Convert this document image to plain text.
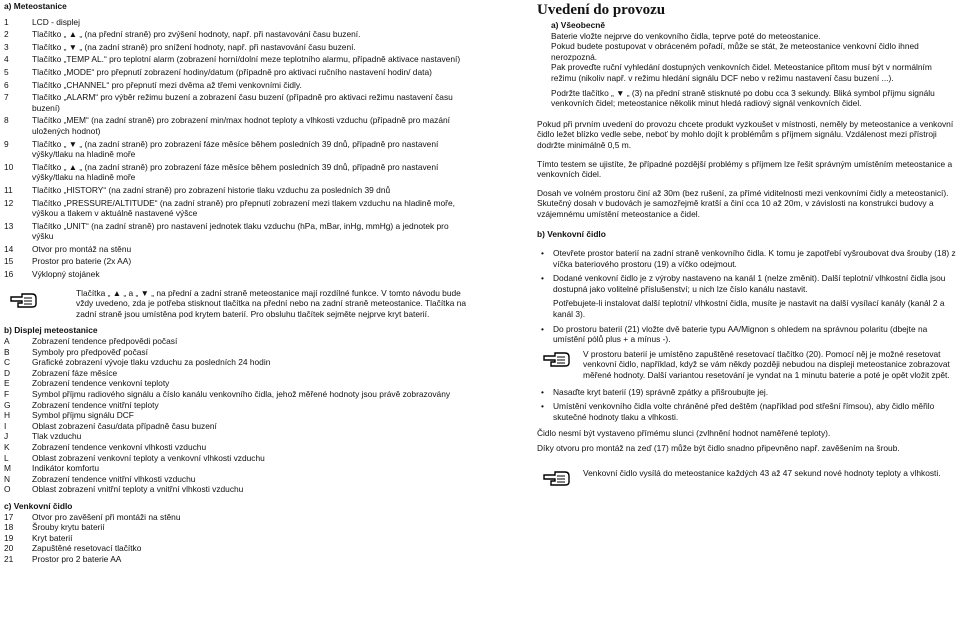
a) Meteostanice

1	LCD - displej
2	Tlačítko „ ▲ „ (na přední straně) pro zvýšení hodnoty, např. při nastavování času buzení.
3	Tlačítko „ ▼ „ (na zadní straně) pro snížení hodnoty, např. při nastavování času buzení.
4	Tlačítko „TEMP AL.“ pro teplotní alarm (zobrazení horní/dolní meze teplotního alarmu, případně aktivace nastavení)
5	Tlačítko „MODE“ pro přepnutí zobrazení hodiny/datum (případně pro aktivaci ručního nastavení hodin/ data)
6	Tlačítko „CHANNEL“ pro přepnutí mezi dvěma až třemi venkovními čidly.
7	Tlačítko „ALARM“ pro výběr režimu buzení a zobrazení času buzení (případně pro aktivaci režimu nastavení času buzení)
8	Tlačítko „MEM“ (na zadní straně) pro zobrazení min/max hodnot teploty a vlhkosti vzduchu (případně pro mazání uložených hodnot)
9	Tlačítko „ ▼ „ (na zadní straně) pro zobrazení fáze měsíce během posledních 39 dnů, případně pro nastavení výšky/tlaku na hladině moře
10	Tlačítko „ ▲ „ (na zadní straně) pro zobrazení fáze měsíce během posledních 39 dnů, případně pro nastavení výšky/tlaku na hladině moře
11	Tlačítko „HISTORY“ (na zadní straně) pro zobrazení historie tlaku vzduchu za posledních 39 dnů
12	Tlačítko „PRESSURE/ALTITUDE“ (na zadní straně) pro přepnutí zobrazení mezi tlakem vzduchu na hladině moře, výškou a tlakem v aktuálně nastavené výšce
13	Tlačítko „UNIT“ (na zadní straně) pro nastavení jednotek tlaku vzduchu (hPa, mBar, inHg, mmHg) a jednotek pro výšku
14	Otvor pro montáž na stěnu
15	Prostor pro baterie (2x AA)
16	Výklopný stojánek
Tlačítka „ ▲ „ a „ ▼ „ na přední a zadní straně meteostanice mají rozdílné funkce. V tomto návodu bude vždy uvedeno, zda je potřeba stisknout tlačítka na přední nebo na zadní straně meteostanice. Tlačítka na zadní straně jsou umístěna pod krytem baterií. Pro obsluhu tlačítek sejměte nejprve kryt baterií.

b) Displej meteostanice

A	Zobrazení tendence předpovědi počasí
B	Symboly pro předpověď počasí
C	Grafické zobrazení vývoje tlaku vzduchu za posledních 24 hodin
D	Zobrazení fáze měsíce
E	Zobrazení tendence venkovní teploty
F	Symbol příjmu radiového signálu a číslo kanálu venkovního čidla, jehož měřené hodnoty jsou právě zobrazovány
G	Zobrazení tendence vnitřní teploty
H	Symbol příjmu signálu DCF
I	Oblast zobrazení času/data případně času buzení
J	Tlak vzduchu
K	Zobrazení tendence venkovní vlhkosti vzduchu
L	Oblast zobrazení venkovní teploty a venkovní vlhkosti vzduchu
M	Indikátor komfortu
N	Zobrazení tendence vnitřní vlhkosti vzduchu
O	Oblast zobrazení vnitřní teploty a vnitřní vlhkosti vzduchu

c) Venkovní čidlo

17	Otvor pro zavěšení při montáži na stěnu
18	Šrouby krytu baterií
19	Kryt baterií
20	Zapuštěné resetovací tlačítko
21	Prostor pro 2 baterie AA
Uvedení do provozu

a) Všeobecně

Baterie vložte nejprve do venkovního čidla, teprve poté do meteostanice.

Pokud budete postupovat v obráceném pořadí, může se stát, že meteostanice venkovní čidlo ihned nerozpozná.

Pak proveďte ruční vyhledání dostupných venkovních čidel. Meteostanice přitom musí být v normálním režimu (nikoliv např. v režimu hledání signálu DCF nebo v režimu nastavení času buzení ...).

Podržte tlačítko „ ▼ „ (3) na přední straně stisknuté po dobu cca 3 sekundy. Bliká symbol příjmu signálu venkovních čidel; meteostanice několik minut hledá radiový signál venkovních čidel.

Pokud při prvním uvedení do provozu chcete produkt vyzkoušet v místnosti, neměly by meteostanice a venkovní čidlo ležet blízko vedle sebe, neboť by mohlo dojít k problémům s příjmem signálu. Vzdálenost mezi přístroji dodržte minimálně 0,5 m.

Tímto testem se ujistíte, že případné pozdější problémy s příjmem lze řešit správným umístěním meteostanice a venkovních čidel.

Dosah ve volném prostoru činí až 30m (bez rušení, za přímé viditelnosti mezi venkovními čidly a meteostanicí). Skutečný dosah v budovách je samozřejmě kratší a činí cca 10 až 20m, v závislosti na konstrukci budovy a vzájemnému umístění meteostanice a čidel.

b) Venkovní čidlo

• Otevřete prostor baterií na zadní straně venkovního čidla. K tomu je zapotřebí vyšroubovat dva šrouby (18) z víčka bateriového prostoru (19) a víčko odejmout.
• Dodané venkovní čidlo je z výroby nastaveno na kanál 1 (nelze změnit). Další teplotní/ vlhkostní čidla jsou dostupná jako volitelné příslušenství; u nich lze číslo kanálu nastavit.

Potřebujete-li instalovat další teplotní/ vlhkostní čidla, musíte je nastavit na další vysílací kanály (kanál 2 a kanál 3).

• Do prostoru baterií (21) vložte dvě baterie typu AA/Mignon s ohledem na správnou polaritu (dbejte na umístění pólů plus + a mínus -).
V prostoru baterií je umístěno zapuštěné resetovací tlačítko (20). Pomocí něj je možné resetovat venkovní čidlo, například, když se vám někdy později nebudou na displeji meteostanice zobrazovat měřené hodnoty. Další variantou resetování je vyndat na 1 minutu baterie a poté je opět vložit zpět.
• Nasaďte kryt baterií (19) správně zpátky a přišroubujte jej.
• Umístění venkovního čidla volte chráněné před deštěm (například pod střešní římsou), aby čidlo měřilo skutečné hodnoty tlaku a vlhkosti.

Čidlo nesmí být vystaveno přímému slunci (zvlhnění hodnot naměřené teploty).

Díky otvoru pro montáž na zeď (17) může být čidlo snadno připevněno např. zavěšením na šroub.

Venkovní čidlo vysílá do meteostanice každých 43 až 47 sekund nové hodnoty teploty a vlhkosti.
